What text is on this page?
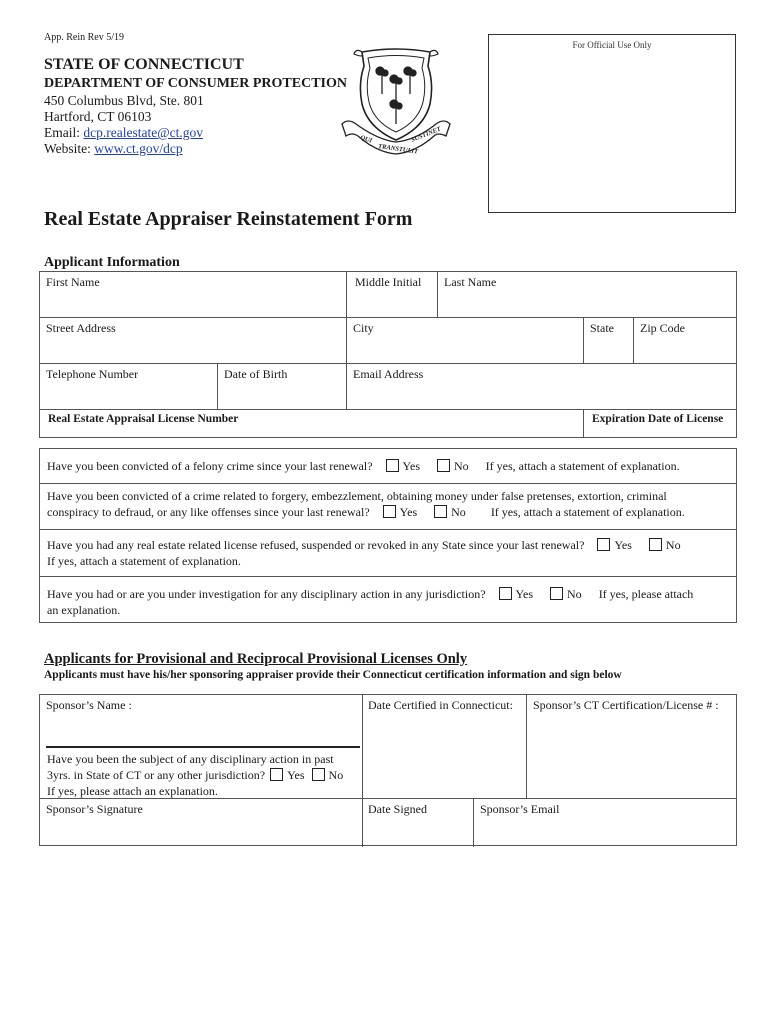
App. Rein Rev 5/19
For Official Use Only
STATE OF CONNECTICUT
DEPARTMENT OF CONSUMER PROTECTION
450 Columbus Blvd, Ste. 801
Hartford, CT 06103
Email: dcp.realestate@ct.gov
Website: www.ct.gov/dcp
QUI
TRANSTULIT
SUSTINET
Real Estate Appraiser Reinstatement Form
Applicant Information
First Name	Middle Initial	Last Name
Street Address	City	State	Zip Code
Telephone Number	Date of Birth	Email Address
Real Estate Appraisal License Number	Expiration Date of License
Have you been convicted of a felony crime since your last renewal?	Yes	No If yes, attach a statement of explanation.
Have you been convicted of a crime related to forgery, embezzlement, obtaining money under false pretenses, extortion, criminal
conspiracy to defraud, or any like offenses since your last renewal?	Yes	No If yes, attach a statement of explanation.
Have you had any real estate related license refused, suspended or revoked in any State since your last renewal?	Yes	No
If yes, attach a statement of explanation.
Have you had or are you under investigation for any disciplinary action in any jurisdiction?	Yes	No If yes, please attach
an explanation.
Applicants for Provisional and Reciprocal Provisional Licenses Only
Applicants must have his/her sponsoring appraiser provide their Connecticut certification information and sign below
Sponsor’s Name :	Date Certified in Connecticut:	Sponsor’s CT Certification/License # :
Have you been the subject of any disciplinary action in past
3yrs. in State of CT or any other jurisdiction? Yes No
If yes, please attach an explanation.
Sponsor’s Signature	Date Signed	Sponsor’s Email
